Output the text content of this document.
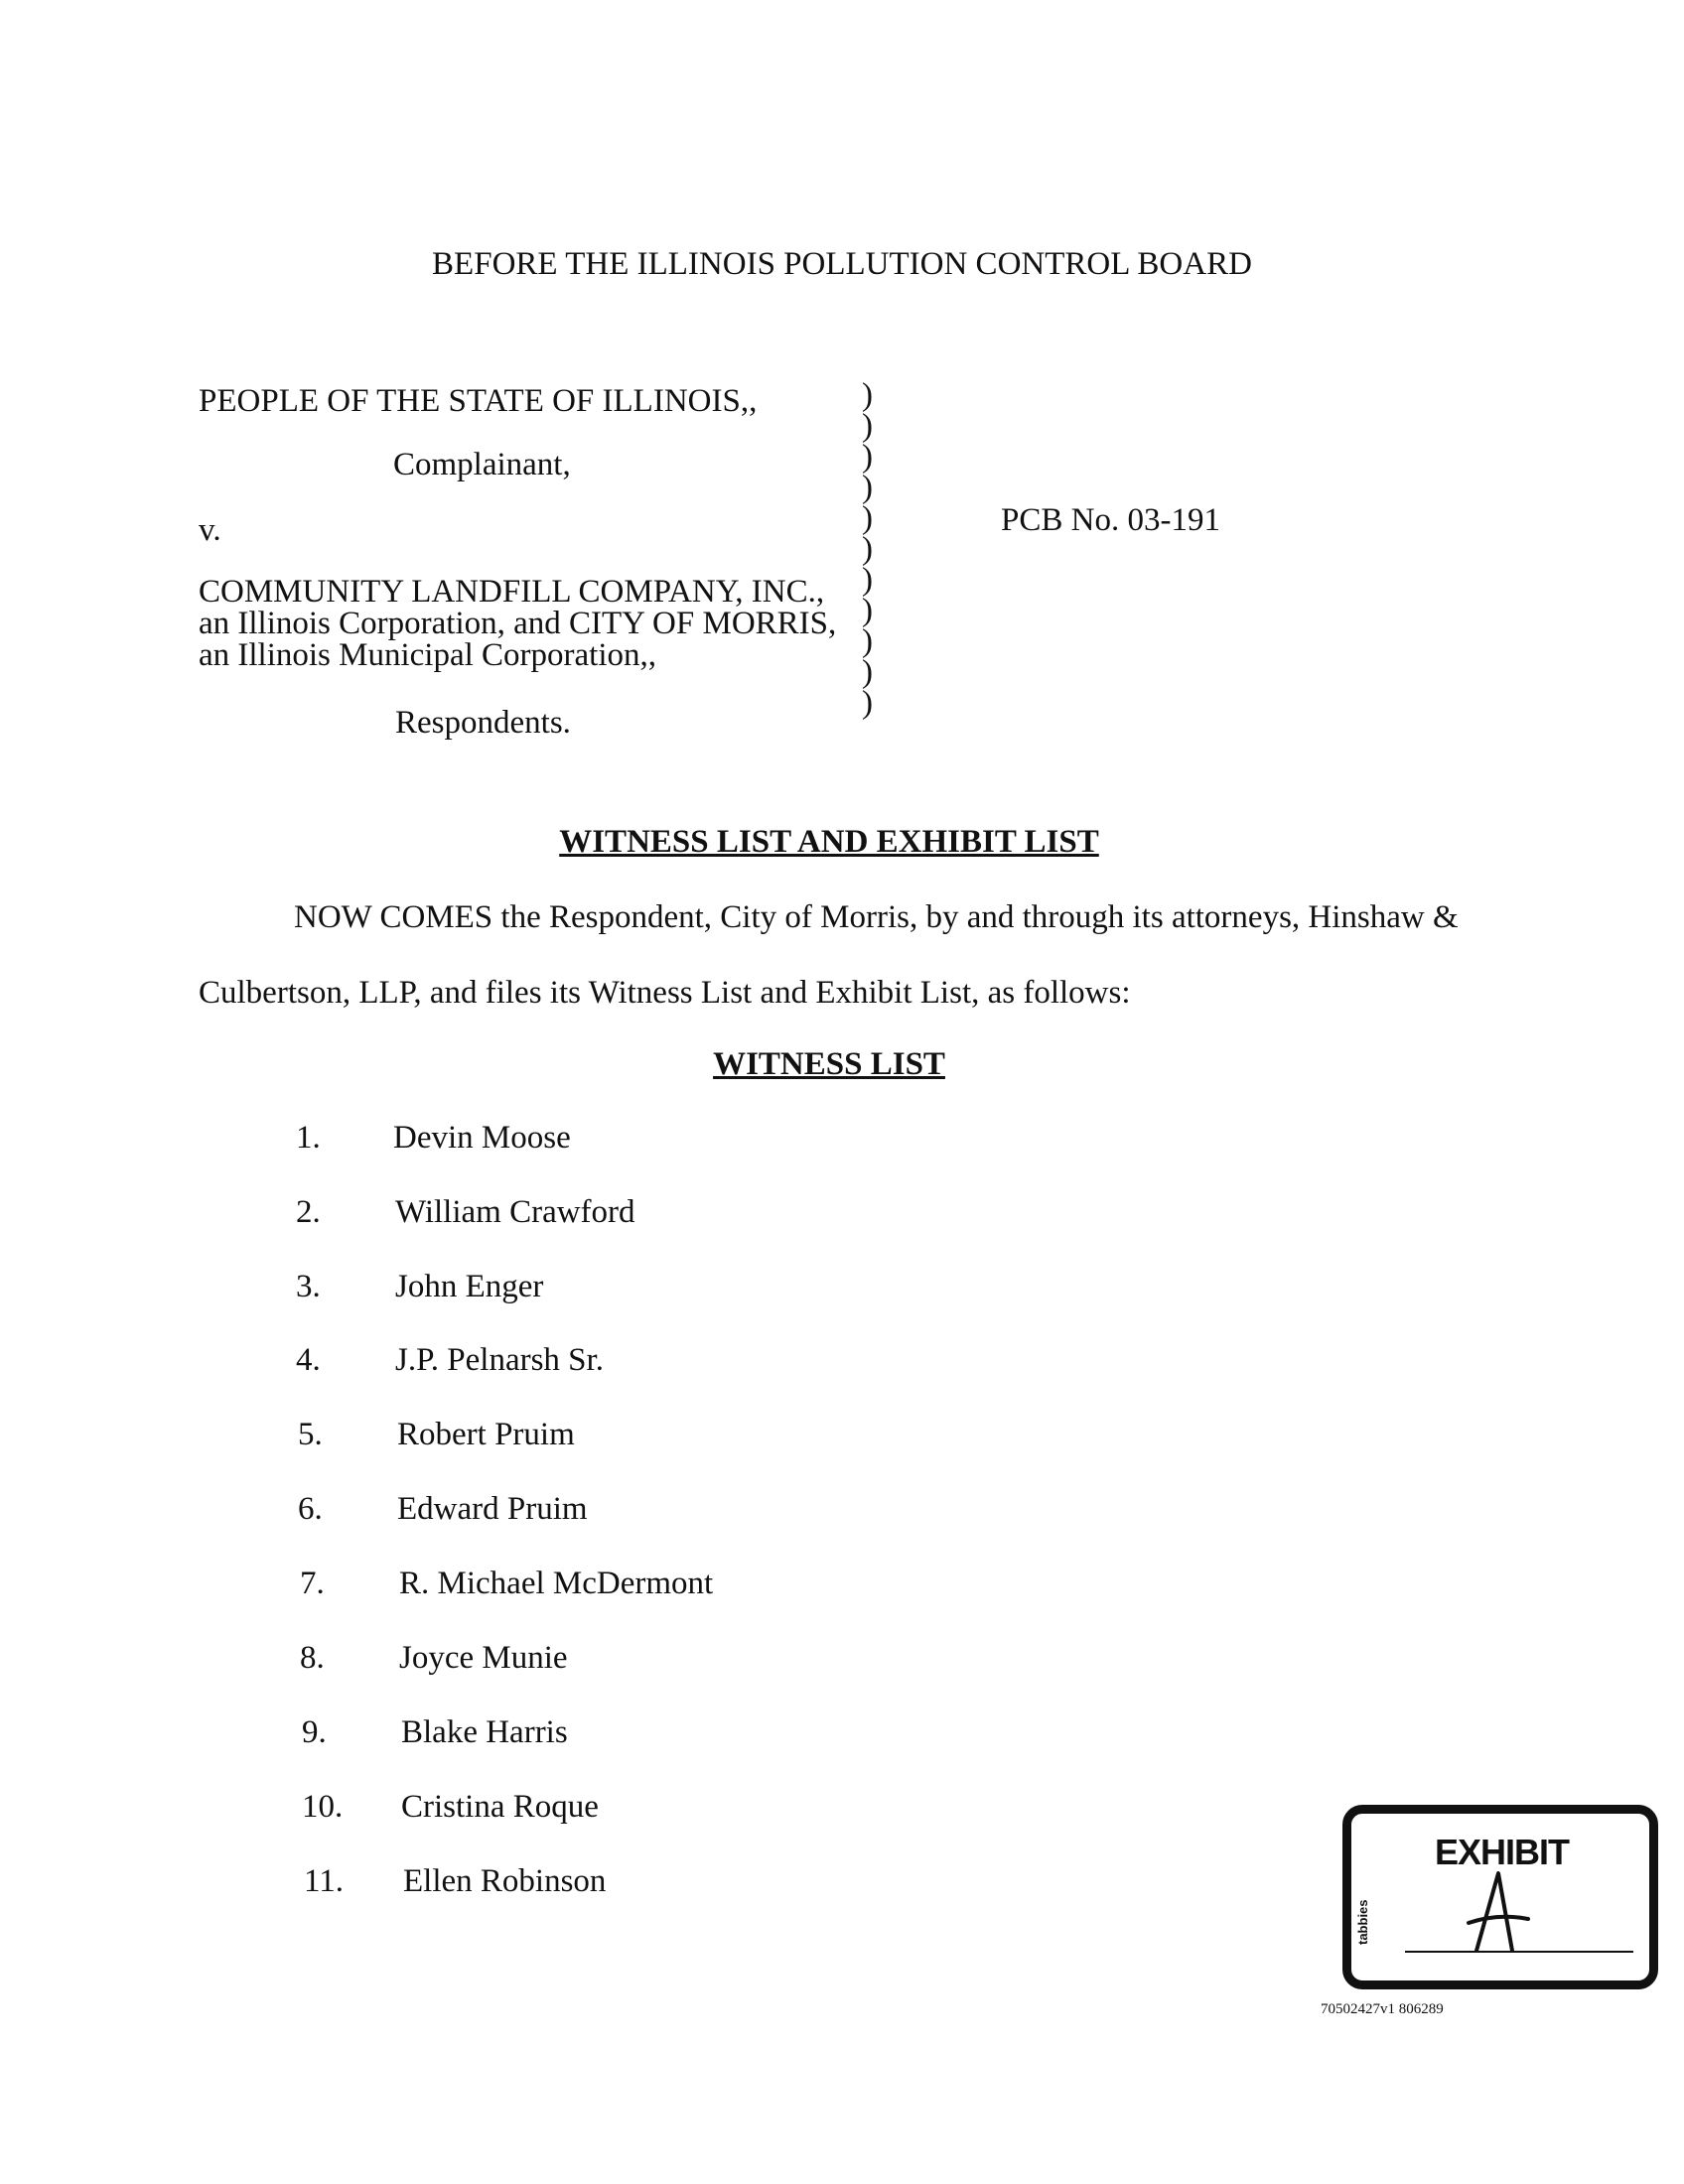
BEFORE THE ILLINOIS POLLUTION CONTROL BOARD
PEOPLE OF THE STATE OF ILLINOIS,,
Complainant,
v.
COMMUNITY LANDFILL COMPANY, INC.,
an Illinois Corporation, and CITY OF MORRIS,
an Illinois Municipal Corporation,,
Respondents.
)
)
)
)
)
)
)
)
)
)
)
PCB No. 03-191
WITNESS LIST AND EXHIBIT LIST
NOW COMES the Respondent, City of Morris, by and through its attorneys, Hinshaw &
Culbertson, LLP, and files its Witness List and Exhibit List, as follows:
WITNESS LIST
1. Devin Moose
2. William Crawford
3. John Enger
4. J.P. Pelnarsh Sr.
5. Robert Pruim
6. Edward Pruim
7. R. Michael McDermont
8. Joyce Munie
9. Blake Harris
10. Cristina Roque
11. Ellen Robinson
EXHIBIT
tabbies
70502427v1 806289
